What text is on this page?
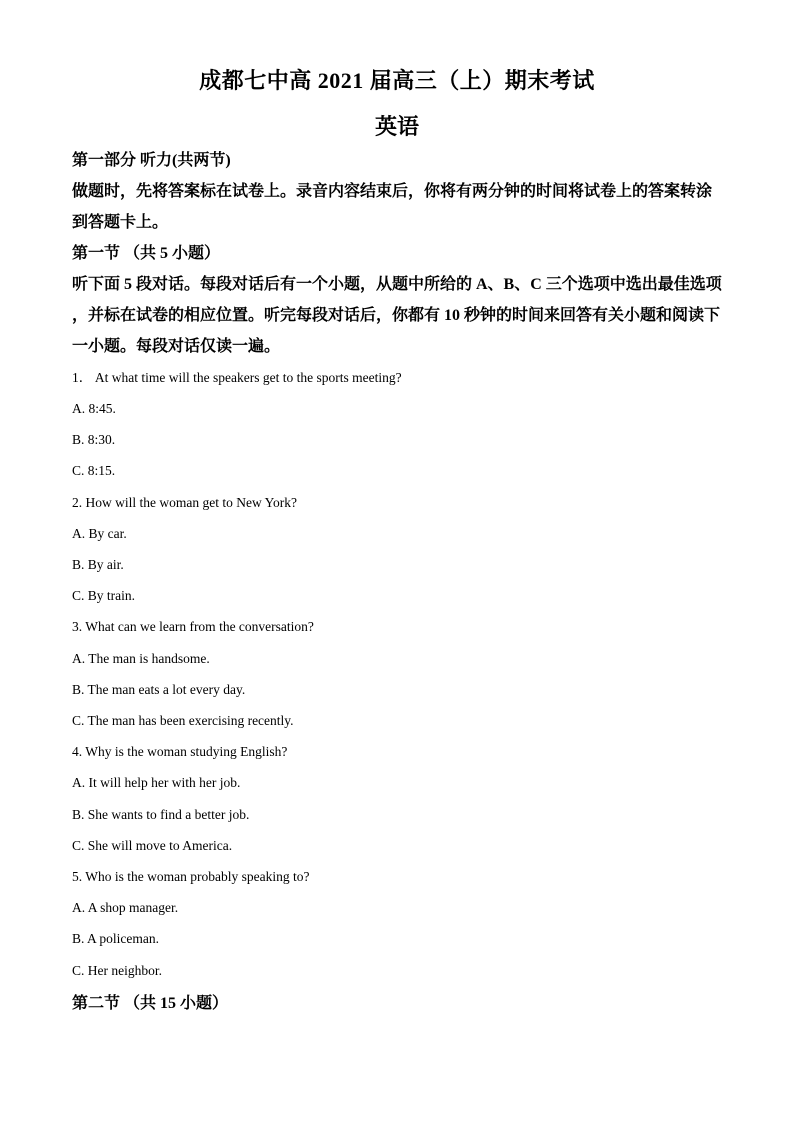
成都七中高 2021 届高三（上）期末考试
英语
第一部分 听力(共两节)
做题时，先将答案标在试卷上。录音内容结束后，你将有两分钟的时间将试卷上的答案转涂
到答题卡上。
第一节 （共 5 小题）
听下面 5 段对话。每段对话后有一个小题，从题中所给的 A、B、C 三个选项中选出最佳选项
，并标在试卷的相应位置。听完每段对话后，你都有 10 秒钟的时间来回答有关小题和阅读下
一小题。每段对话仅读一遍。
1． At what time will the speakers get to the sports meeting?
A. 8:45.
B. 8:30.
C. 8:15.
2. How will the woman get to New York?
A. By car.
B. By air.
C. By train.
3. What can we learn from the conversation?
A. The man is handsome.
B. The man eats a lot every day.
C. The man has been exercising recently.
4. Why is the woman studying English?
A. It will help her with her job.
B. She wants to find a better job.
C. She will move to America.
5. Who is the woman probably speaking to?
A. A shop manager.
B. A policeman.
C. Her neighbor.
第二节 （共 15 小题）
